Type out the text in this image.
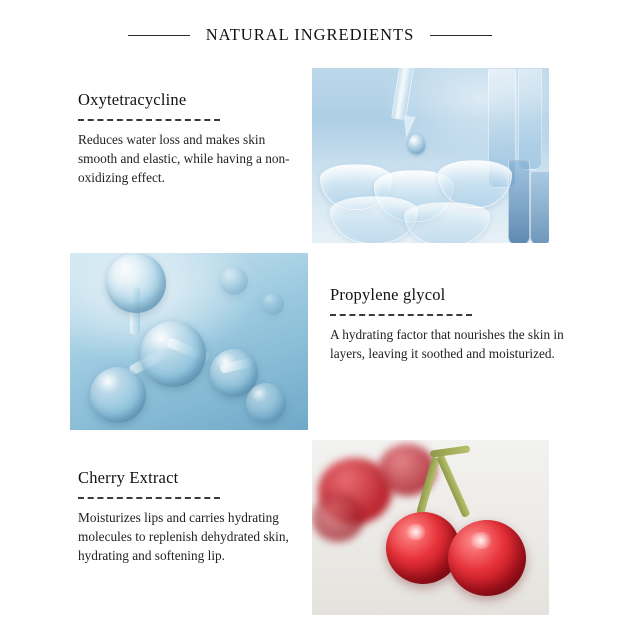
NATURAL INGREDIENTS
Oxytetracycline
Reduces water loss and makes skin smooth and elastic, while having a non-oxidizing effect.
Propylene glycol
A hydrating factor that nourishes the skin in layers, leaving it soothed and moisturized.
Cherry Extract
Moisturizes lips and carries hydrating molecules to replenish dehydrated skin, hydrating and softening lip.
